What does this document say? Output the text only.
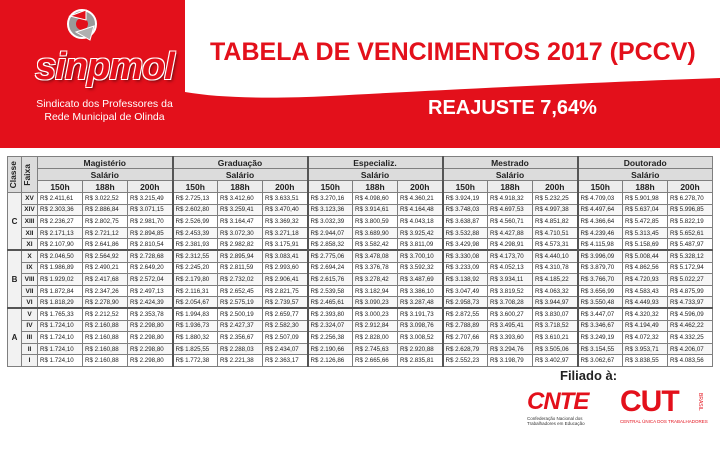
sinpmol
Sindicato dos Professores da
Rede Municipal de Olinda
TABELA DE VENCIMENTOS 2017 (PCCV)
REAJUSTE 7,64%
Classe	Faixa	Magistério			Graduação			Especializ.			Mestrado			Doutorado		
		Salário			Salário			Salário			Salário			Salário		
		150h	188h	200h	150h	188h	200h	150h	188h	200h	150h	188h	200h	150h	188h	200h
C	XV	R$ 2.411,61	R$ 3.022,52	R$ 3.215,49	R$ 2.725,13	R$ 3.412,60	R$ 3.633,51	R$ 3.270,16	R$ 4.098,60	R$ 4.360,21	R$ 3.924,19	R$ 4.918,32	R$ 5.232,25	R$ 4.709,03	R$ 5.901,98	R$ 6.278,70
	XIV	R$ 2.303,36	R$ 2.886,84	R$ 3.071,15	R$ 2.602,80	R$ 3.259,41	R$ 3.470,40	R$ 3.123,36	R$ 3.914,61	R$ 4.164,48	R$ 3.748,03	R$ 4.697,53	R$ 4.997,38	R$ 4.497,64	R$ 5.637,04	R$ 5.996,85
	XIII	R$ 2.236,27	R$ 2.802,75	R$ 2.981,70	R$ 2.526,99	R$ 3.164,47	R$ 3.369,32	R$ 3.032,39	R$ 3.800,59	R$ 4.043,18	R$ 3.638,87	R$ 4.560,71	R$ 4.851,82	R$ 4.366,64	R$ 5.472,85	R$ 5.822,19
	XII	R$ 2.171,13	R$ 2.721,12	R$ 2.894,85	R$ 2.453,39	R$ 3.072,30	R$ 3.271,18	R$ 2.944,07	R$ 3.689,90	R$ 3.925,42	R$ 3.532,88	R$ 4.427,88	R$ 4.710,51	R$ 4.239,46	R$ 5.313,45	R$ 5.652,61
	XI	R$ 2.107,90	R$ 2.641,86	R$ 2.810,54	R$ 2.381,93	R$ 2.982,82	R$ 3.175,91	R$ 2.858,32	R$ 3.582,42	R$ 3.811,09	R$ 3.429,98	R$ 4.298,91	R$ 4.573,31	R$ 4.115,98	R$ 5.158,69	R$ 5.487,97
B	X	R$ 2.046,50	R$ 2.564,92	R$ 2.728,68	R$ 2.312,55	R$ 2.895,94	R$ 3.083,41	R$ 2.775,06	R$ 3.478,08	R$ 3.700,10	R$ 3.330,08	R$ 4.173,70	R$ 4.440,10	R$ 3.996,09	R$ 5.008,44	R$ 5.328,12
	IX	R$ 1.986,89	R$ 2.490,21	R$ 2.649,20	R$ 2.245,20	R$ 2.811,59	R$ 2.993,60	R$ 2.694,24	R$ 3.376,78	R$ 3.592,32	R$ 3.233,09	R$ 4.052,13	R$ 4.310,78	R$ 3.879,70	R$ 4.862,56	R$ 5.172,94
	VIII	R$ 1.929,02	R$ 2.417,68	R$ 2.572,04	R$ 2.179,80	R$ 2.732,02	R$ 2.906,41	R$ 2.615,76	R$ 3.278,42	R$ 3.487,69	R$ 3.138,92	R$ 3.934,11	R$ 4.185,22	R$ 3.766,70	R$ 4.720,93	R$ 5.022,27
	VII	R$ 1.872,84	R$ 2.347,26	R$ 2.497,13	R$ 2.116,31	R$ 2.652,45	R$ 2.821,75	R$ 2.539,58	R$ 3.182,94	R$ 3.386,10	R$ 3.047,49	R$ 3.819,52	R$ 4.063,32	R$ 3.656,99	R$ 4.583,43	R$ 4.875,99
	VI	R$ 1.818,29	R$ 2.278,90	R$ 2.424,39	R$ 2.054,67	R$ 2.575,19	R$ 2.739,57	R$ 2.465,61	R$ 3.090,23	R$ 3.287,48	R$ 2.958,73	R$ 3.708,28	R$ 3.944,97	R$ 3.550,48	R$ 4.449,93	R$ 4.733,97
A	V	R$ 1.765,33	R$ 2.212,52	R$ 2.353,78	R$ 1.994,83	R$ 2.500,19	R$ 2.659,77	R$ 2.393,80	R$ 3.000,23	R$ 3.191,73	R$ 2.872,55	R$ 3.600,27	R$ 3.830,07	R$ 3.447,07	R$ 4.320,32	R$ 4.596,09
	IV	R$ 1.724,10	R$ 2.160,88	R$ 2.298,80	R$ 1.936,73	R$ 2.427,37	R$ 2.582,30	R$ 2.324,07	R$ 2.912,84	R$ 3.098,76	R$ 2.788,89	R$ 3.495,41	R$ 3.718,52	R$ 3.346,67	R$ 4.194,49	R$ 4.462,22
	III	R$ 1.724,10	R$ 2.160,88	R$ 2.298,80	R$ 1.880,32	R$ 2.356,67	R$ 2.507,09	R$ 2.256,38	R$ 2.828,00	R$ 3.008,52	R$ 2.707,66	R$ 3.393,60	R$ 3.610,21	R$ 3.249,19	R$ 4.072,32	R$ 4.332,25
	II	R$ 1.724,10	R$ 2.160,88	R$ 2.298,80	R$ 1.825,55	R$ 2.288,03	R$ 2.434,07	R$ 2.190,66	R$ 2.745,63	R$ 2.920,88	R$ 2.628,79	R$ 3.294,76	R$ 3.505,06	R$ 3.154,55	R$ 3.953,71	R$ 4.206,07
	I	R$ 1.724,10	R$ 2.160,88	R$ 2.298,80	R$ 1.772,38	R$ 2.221,38	R$ 2.363,17	R$ 2.126,86	R$ 2.665,66	R$ 2.835,81	R$ 2.552,23	R$ 3.198,79	R$ 3.402,97	R$ 3.062,67	R$ 3.838,55	R$ 4.083,56
Filiado à:
CNTE
Confederação Nacional dos Trabalhadores em Educação
CUT	BRASIL
CENTRAL ÚNICA DOS TRABALHADORES
